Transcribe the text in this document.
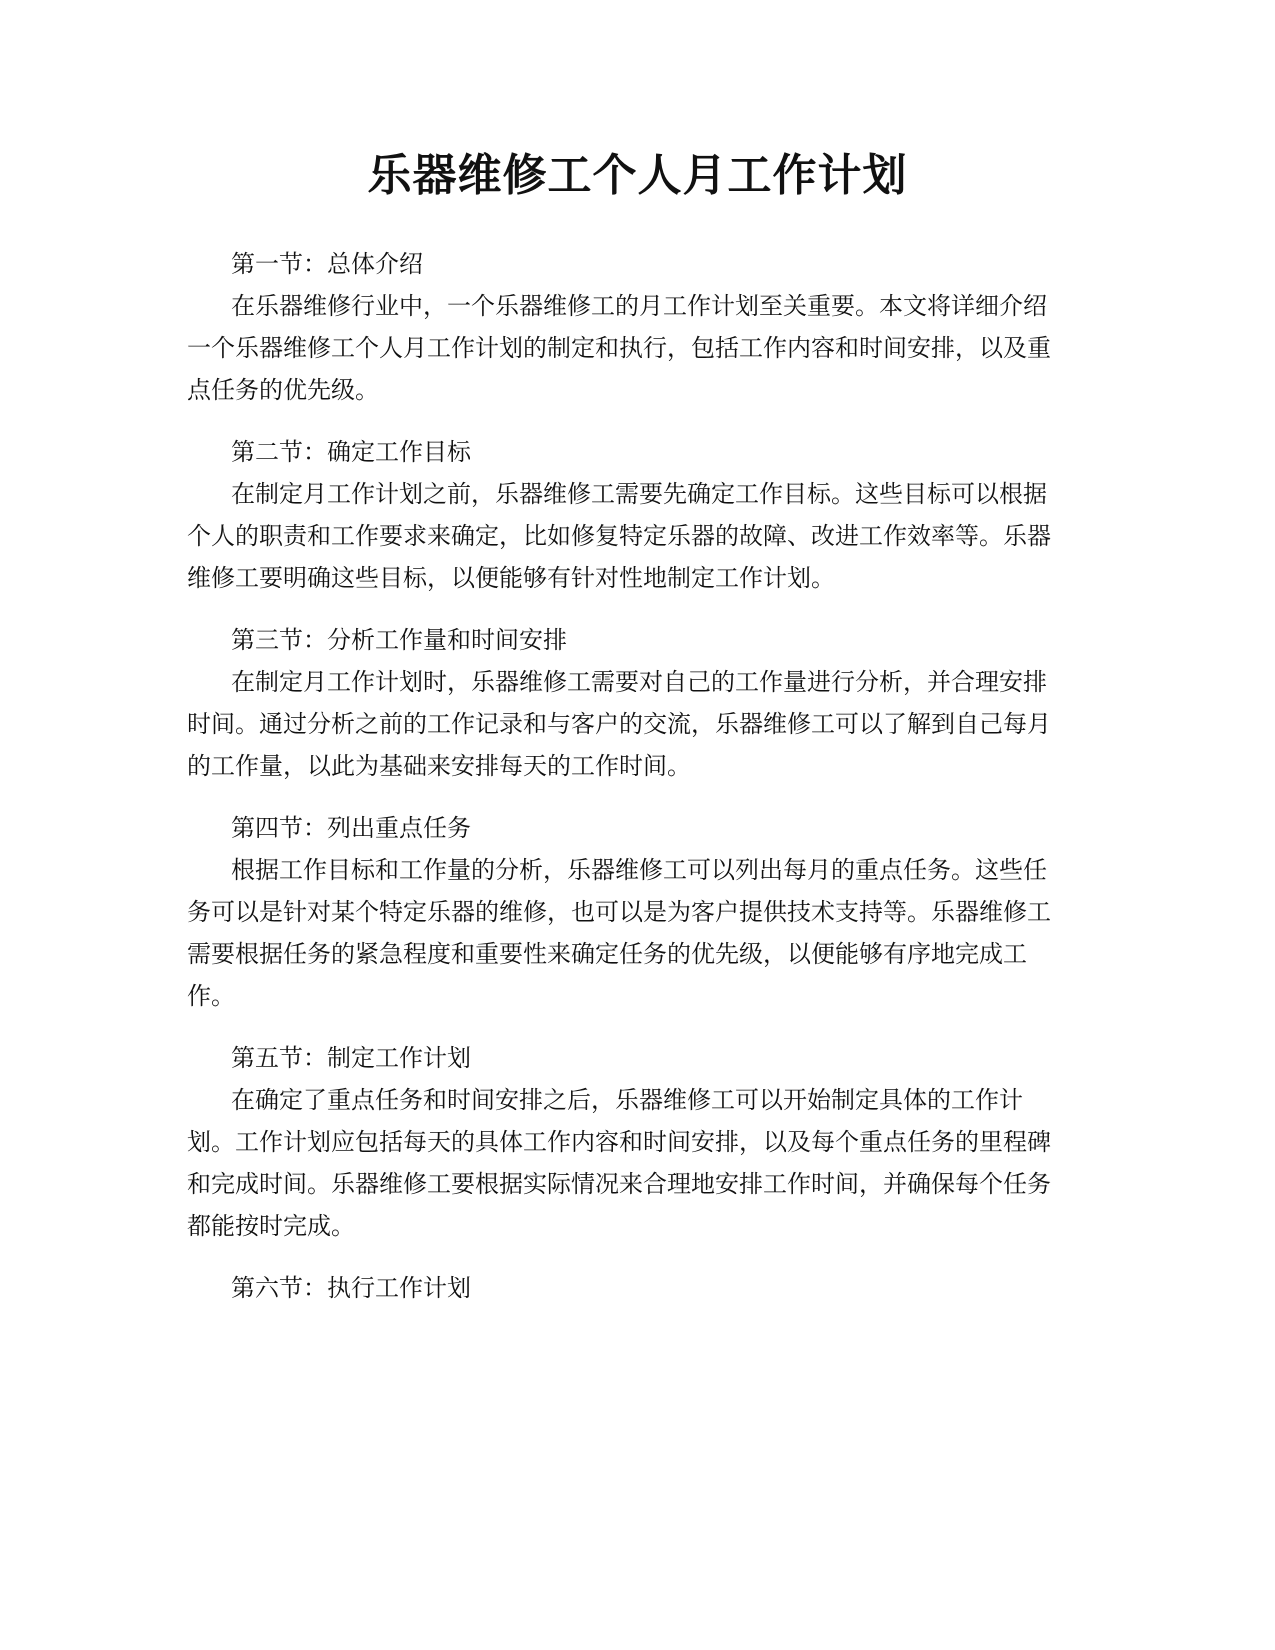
乐器维修工个人月工作计划

第一节：总体介绍

在乐器维修行业中，一个乐器维修工的月工作计划至关重要。本文将详细介绍
一个乐器维修工个人月工作计划的制定和执行，包括工作内容和时间安排，以及重
点任务的优先级。

第二节：确定工作目标

在制定月工作计划之前，乐器维修工需要先确定工作目标。这些目标可以根据
个人的职责和工作要求来确定，比如修复特定乐器的故障、改进工作效率等。乐器
维修工要明确这些目标，以便能够有针对性地制定工作计划。

第三节：分析工作量和时间安排

在制定月工作计划时，乐器维修工需要对自己的工作量进行分析，并合理安排
时间。通过分析之前的工作记录和与客户的交流，乐器维修工可以了解到自己每月
的工作量，以此为基础来安排每天的工作时间。

第四节：列出重点任务

根据工作目标和工作量的分析，乐器维修工可以列出每月的重点任务。这些任
务可以是针对某个特定乐器的维修，也可以是为客户提供技术支持等。乐器维修工
需要根据任务的紧急程度和重要性来确定任务的优先级，以便能够有序地完成工
作。

第五节：制定工作计划

在确定了重点任务和时间安排之后，乐器维修工可以开始制定具体的工作计
划。工作计划应包括每天的具体工作内容和时间安排，以及每个重点任务的里程碑
和完成时间。乐器维修工要根据实际情况来合理地安排工作时间，并确保每个任务
都能按时完成。

第六节：执行工作计划
